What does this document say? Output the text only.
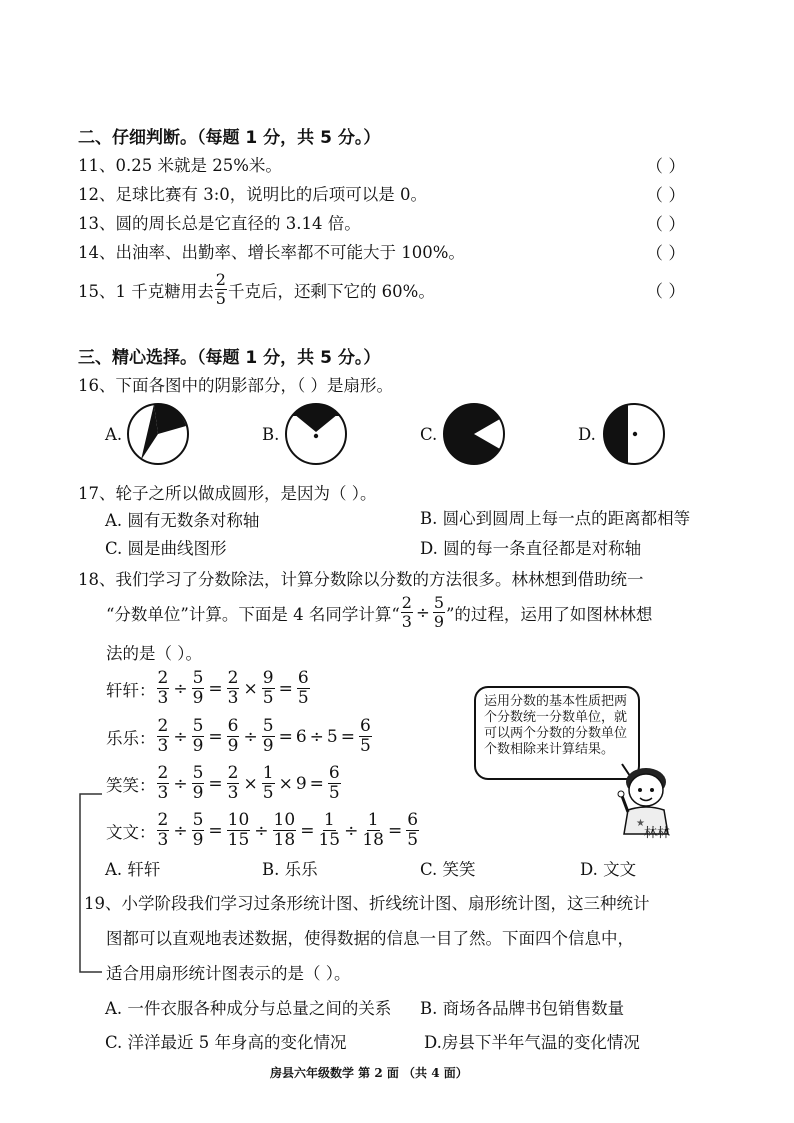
二、仔细判断。（每题 1 分，共 5 分。）
11、0.25 米就是 25%米。	（ ）
12、足球比赛有 3:0，说明比的后项可以是 0。	（ ）
13、圆的周长总是它直径的 3.14 倍。	（ ）
14、出油率、出勤率、增长率都不可能大于 100%。	（ ）
15、 1 千克糖用去 $\frac{2}{5}$ 千克后，还剩下它的 60%。	（ ）
三、精心选择。（每题 1 分，共 5 分。）
16、下面各图中的阴影部分，（ ）是扇形。
A.	B.	C.	D.
17、轮子之所以做成圆形，是因为（ ）。
A. 圆有无数条对称轴	B. 圆心到圆周上每一点的距离都相等
C. 圆是曲线图形	D. 圆的每一条直径都是对称轴
18、我们学习了分数除法，计算分数除以分数的方法很多。林林想到借助统一
“分数单位”计算。下面是 4 名同学计算“ $\frac{2}{3} \div \frac{5}{9}$ ”的过程，运用了如图林林想
法的是（ ）。
轩轩： $\frac{2}{3} \div \frac{5}{9} = \frac{2}{3} \times \frac{9}{5} = \frac{6}{5}$
乐乐： $\frac{2}{3} \div \frac{5}{9} = \frac{6}{9} \div \frac{5}{9} = 6 \div 5 = \frac{6}{5}$
笑笑： $\frac{2}{3} \div \frac{5}{9} = \frac{2}{3} \times \frac{1}{5} \times 9 = \frac{6}{5}$
文文： $\frac{2}{3} \div \frac{5}{9} = \frac{10}{15} \div \frac{10}{18} = \frac{1}{15} \div \frac{1}{18} = \frac{6}{5}$
运用分数的基本性质把两个分数统一分数单位，就可以两个分数的分数单位个数相除来计算结果。
★
林林
A. 轩轩	B. 乐乐	C. 笑笑	D. 文文
19、小学阶段我们学习过条形统计图、折线统计图、扇形统计图，这三种统计
图都可以直观地表述数据，使得数据的信息一目了然。下面四个信息中，
适合用扇形统计图表示的是（ ）。
A. 一件衣服各种成分与总量之间的关系 B. 商场各品牌书包销售数量
C. 洋洋最近 5 年身高的变化情况	D.房县下半年气温的变化情况
房县六年级数学 第 2 面 （共 4 面）
